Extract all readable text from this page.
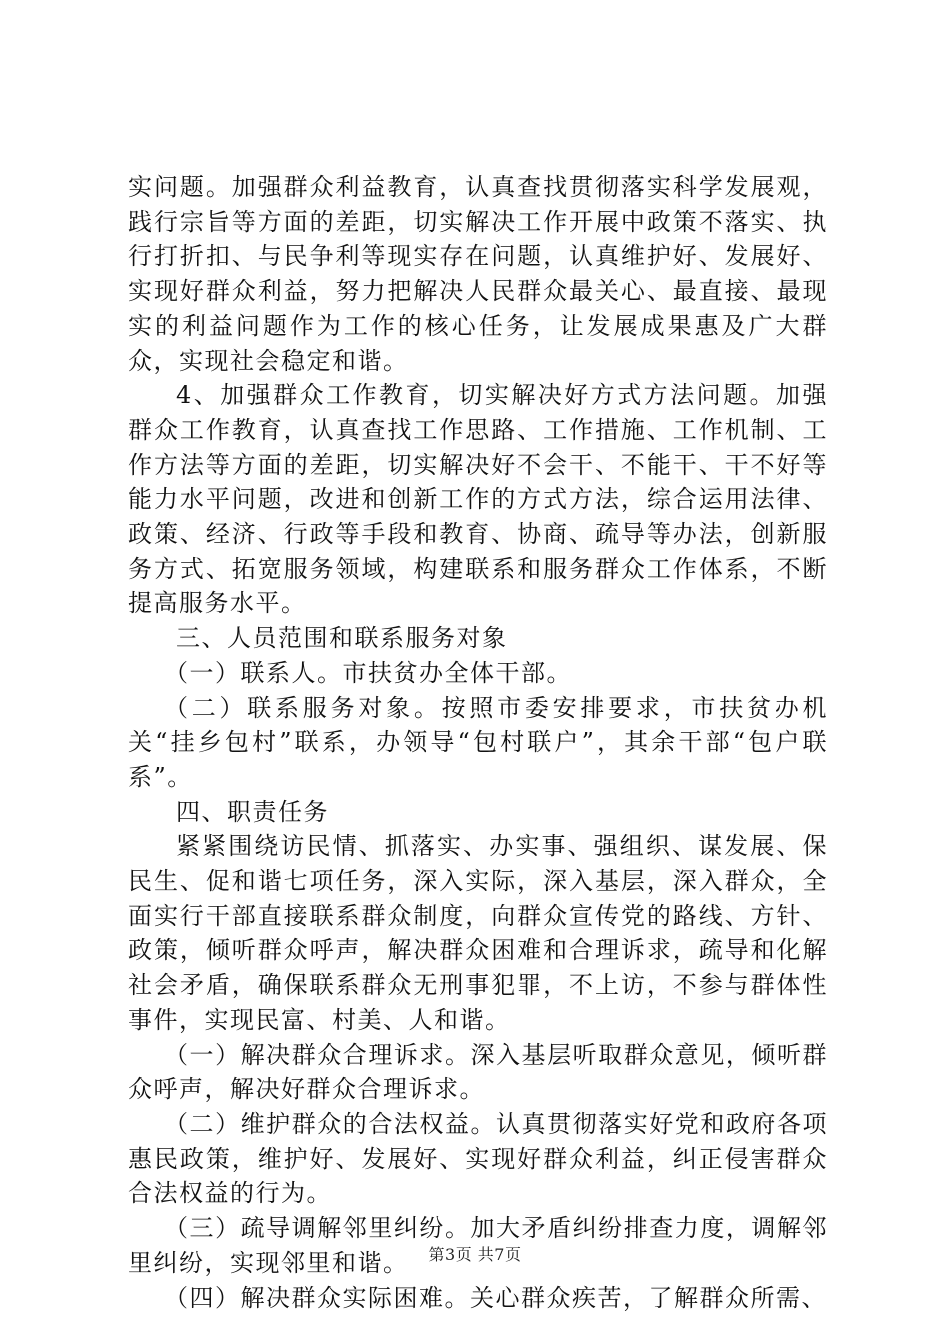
实问题。加强群众利益教育，认真查找贯彻落实科学发展观，践行宗旨等方面的差距，切实解决工作开展中政策不落实、执行打折扣、与民争利等现实存在问题，认真维护好、发展好、实现好群众利益，努力把解决人民群众最关心、最直接、最现实的利益问题作为工作的核心任务，让发展成果惠及广大群众，实现社会稳定和谐。

4、加强群众工作教育，切实解决好方式方法问题。加强群众工作教育，认真查找工作思路、工作措施、工作机制、工作方法等方面的差距，切实解决好不会干、不能干、干不好等能力水平问题，改进和创新工作的方式方法，综合运用法律、政策、经济、行政等手段和教育、协商、疏导等办法，创新服务方式、拓宽服务领域，构建联系和服务群众工作体系，不断提高服务水平。

三、人员范围和联系服务对象

（一）联系人。市扶贫办全体干部。

（二）联系服务对象。按照市委安排要求，市扶贫办机关“挂乡包村”联系，办领导“包村联户”，其余干部“包户联系”。

四、职责任务

紧紧围绕访民情、抓落实、办实事、强组织、谋发展、保民生、促和谐七项任务，深入实际，深入基层，深入群众，全面实行干部直接联系群众制度，向群众宣传党的路线、方针、政策，倾听群众呼声，解决群众困难和合理诉求，疏导和化解社会矛盾，确保联系群众无刑事犯罪，不上访，不参与群体性事件，实现民富、村美、人和谐。

（一）解决群众合理诉求。深入基层听取群众意见，倾听群众呼声，解决好群众合理诉求。

（二）维护群众的合法权益。认真贯彻落实好党和政府各项惠民政策，维护好、发展好、实现好群众利益，纠正侵害群众合法权益的行为。

（三）疏导调解邻里纠纷。加大矛盾纠纷排查力度，调解邻里纠纷，实现邻里和谐。

（四）解决群众实际困难。关心群众疾苦，了解群众所需、

第3页 共7页
